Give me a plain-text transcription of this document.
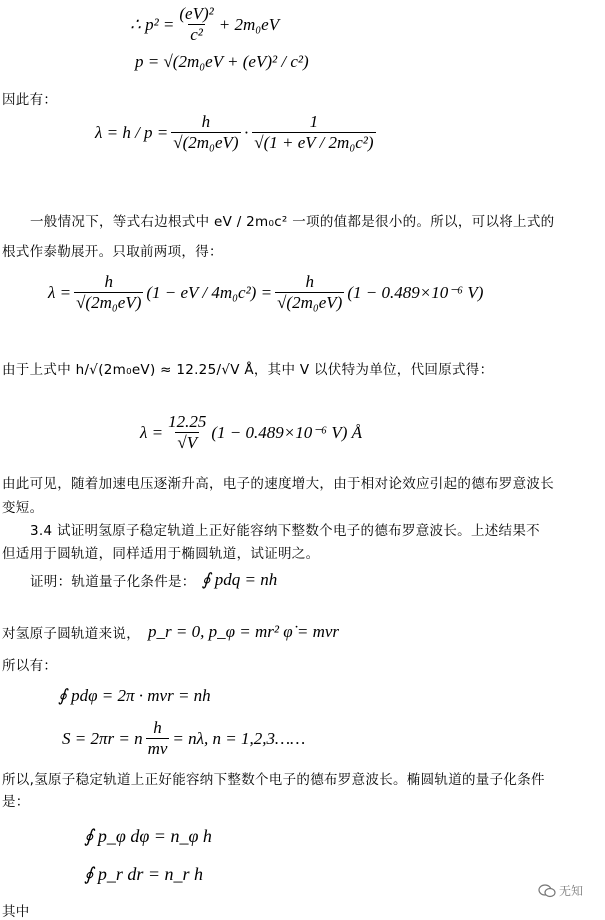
∴ $p^2 = \frac{\text{(eV)²}}{\text{c²}} + 2m_0eV$
p = √(2m₀eV + (eV)² / c²)
因此有：
$\lambda = h / p = \frac{h}{\text{√(2m₀eV)}} \cdot \frac{1}{\text{√(1 + eV / 2m₀c²)}}$
一般情况下，等式右边根式中 eV / 2m₀c² 一项的值都是很小的。所以，可以将上式的
根式作泰勒展开。只取前两项，得：
$\lambda = \frac{h}{\text{√(2m₀eV)}} (1$ − eV / $4m_0c^2) = \frac{h}{\text{√(2m₀eV)}} (1 - 0.489\times 10^{-6}$ V)
由于上式中 h/√(2m₀eV) ≈ 12.25/√V Å，其中 V 以伏特为单位，代回原式得：
$\lambda = \frac{12.25}{√V} (1 - 0.489\times 10^{-6}$ V) Å
由此可见，随着加速电压逐渐升高，电子的速度增大，由于相对论效应引起的德布罗意波长
变短。
3.4 试证明氢原子稳定轨道上正好能容纳下整数个电子的德布罗意波长。上述结果不
但适用于圆轨道，同样适用于椭圆轨道，试证明之。
证明：轨道量子化条件是： ∮ pdq = nh
对氢原子圆轨道来说， p_r = 0, p_φ = mr² φ̇ = mvr
所以有：
∮ pdφ = 2π · mvr = nh
S = 2πr = n $\frac{h}{mv} = n\lambda$, n = 1,2,3……
所以,氢原子稳定轨道上正好能容纳下整数个电子的德布罗意波长。椭圆轨道的量子化条件
是：
∮ p_φ dφ = n_φ h
∮ p_r dr = n_r h
无知
其中
